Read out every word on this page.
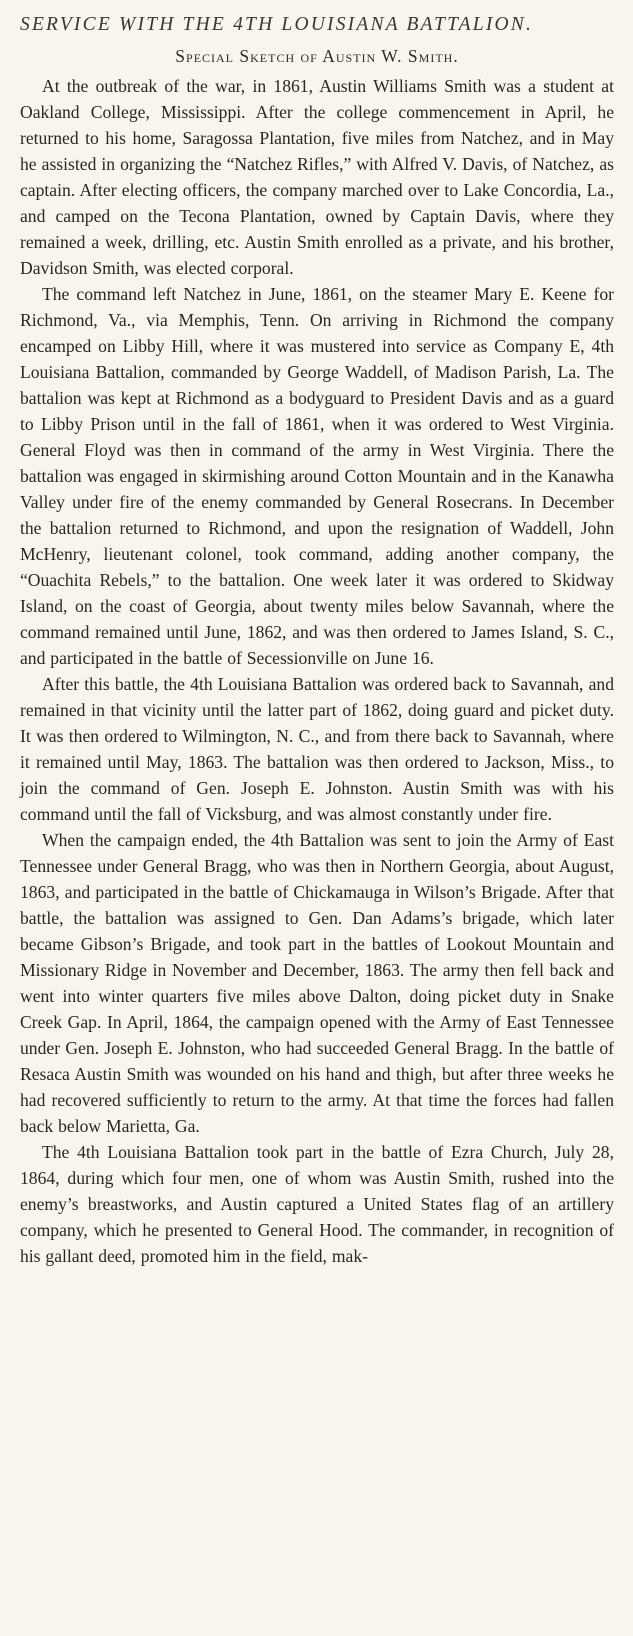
SERVICE WITH THE 4TH LOUISIANA BATTALION.
Special Sketch of Austin W. Smith.

At the outbreak of the war, in 1861, Austin Williams Smith was a student at Oakland College, Mississippi. After the college commencement in April, he returned to his home, Saragossa Plantation, five miles from Natchez, and in May he assisted in organizing the “Natchez Rifles,” with Alfred V. Davis, of Natchez, as captain. After electing officers, the company marched over to Lake Concordia, La., and camped on the Tecona Plantation, owned by Captain Davis, where they remained a week, drilling, etc. Austin Smith enrolled as a private, and his brother, Davidson Smith, was elected corporal.

The command left Natchez in June, 1861, on the steamer Mary E. Keene for Richmond, Va., via Memphis, Tenn. On arriving in Richmond the company encamped on Libby Hill, where it was mustered into service as Company E, 4th Louisiana Battalion, commanded by George Waddell, of Madison Parish, La. The battalion was kept at Richmond as a bodyguard to President Davis and as a guard to Libby Prison until in the fall of 1861, when it was ordered to West Virginia. General Floyd was then in command of the army in West Virginia. There the battalion was engaged in skirmishing around Cotton Mountain and in the Kanawha Valley under fire of the enemy commanded by General Rosecrans. In December the battalion returned to Richmond, and upon the resignation of Waddell, John McHenry, lieutenant colonel, took command, adding another company, the “Ouachita Rebels,” to the battalion. One week later it was ordered to Skidway Island, on the coast of Georgia, about twenty miles below Savannah, where the command remained until June, 1862, and was then ordered to James Island, S. C., and participated in the battle of Secessionville on June 16.

After this battle, the 4th Louisiana Battalion was ordered back to Savannah, and remained in that vicinity until the latter part of 1862, doing guard and picket duty. It was then ordered to Wilmington, N. C., and from there back to Savannah, where it remained until May, 1863. The battalion was then ordered to Jackson, Miss., to join the command of Gen. Joseph E. Johnston. Austin Smith was with his command until the fall of Vicksburg, and was almost constantly under fire.

When the campaign ended, the 4th Battalion was sent to join the Army of East Tennessee under General Bragg, who was then in Northern Georgia, about August, 1863, and participated in the battle of Chickamauga in Wilson’s Brigade. After that battle, the battalion was assigned to Gen. Dan Adams’s brigade, which later became Gibson’s Brigade, and took part in the battles of Lookout Mountain and Missionary Ridge in November and December, 1863. The army then fell back and went into winter quarters five miles above Dalton, doing picket duty in Snake Creek Gap. In April, 1864, the campaign opened with the Army of East Tennessee under Gen. Joseph E. Johnston, who had succeeded General Bragg. In the battle of Resaca Austin Smith was wounded on his hand and thigh, but after three weeks he had recovered sufficiently to return to the army. At that time the forces had fallen back below Marietta, Ga.

The 4th Louisiana Battalion took part in the battle of Ezra Church, July 28, 1864, during which four men, one of whom was Austin Smith, rushed into the enemy’s breastworks, and Austin captured a United States flag of an artillery company, which he presented to General Hood. The commander, in recognition of his gallant deed, promoted him in the field, mak-
